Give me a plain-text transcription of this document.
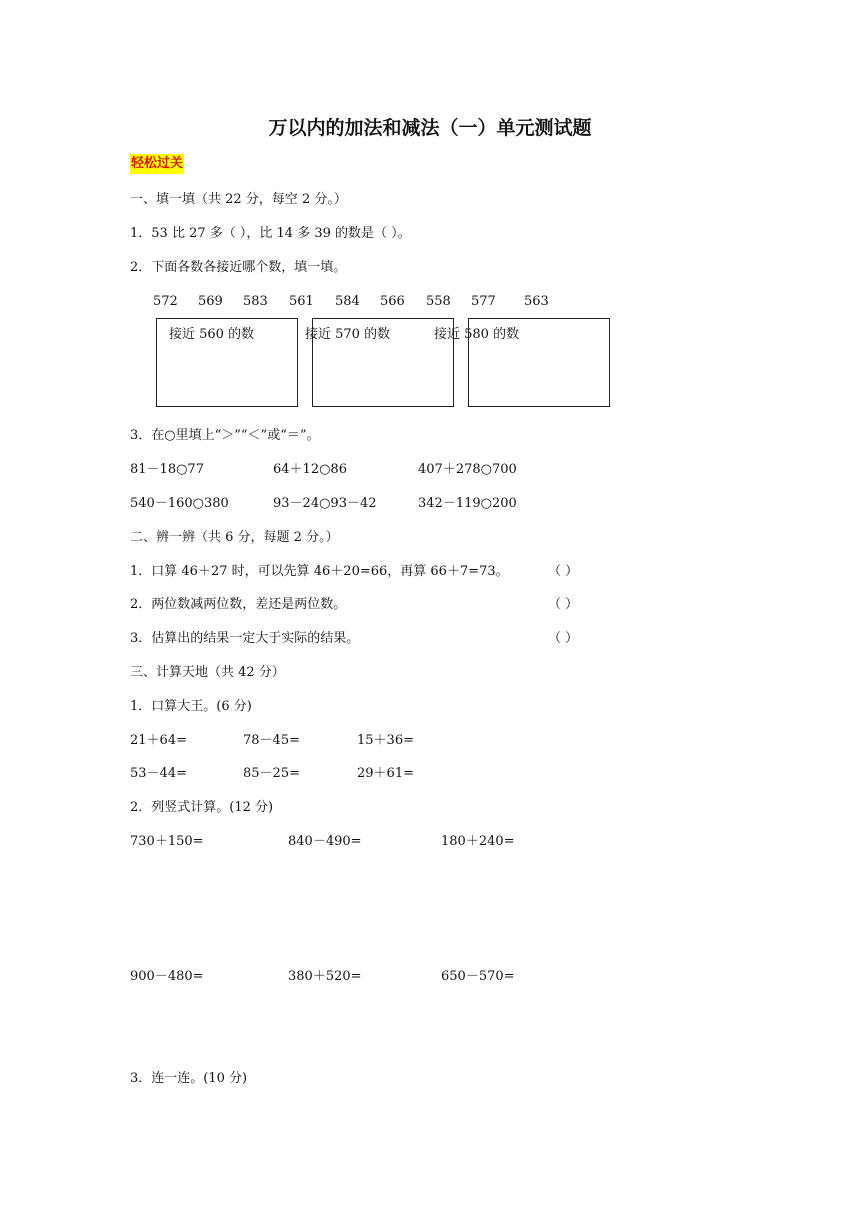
万以内的加法和减法（一）单元测试题
轻松过关
一、填一填（共 22 分，每空 2 分。）
1．53 比 27 多（ ），比 14 多 39 的数是（ ）。
2．下面各数各接近哪个数，填一填。
572 569 583 561 584 566 558 577 563
接近 560 的数	接近 570 的数	接近 580 的数
3．在○里填上“＞”“＜”或“＝”。
81－18○77	64＋12○86	407＋278○700
540－160○380	93－24○93－42	342－119○200
二、辨一辨（共 6 分，每题 2 分。）
1．口算 46＋27 时，可以先算 46＋20=66，再算 66＋7=73。	（ ）
2．两位数减两位数，差还是两位数。	（ ）
3．估算出的结果一定大于实际的结果。	（ ）
三、计算天地（共 42 分）
1．口算大王。(6 分)
21＋64=	78－45=	15＋36=
53－44=	85－25=	29＋61=
2．列竖式计算。(12 分)
730＋150=	840－490=	180＋240=
900－480=	380＋520=	650－570=
3．连一连。(10 分)
